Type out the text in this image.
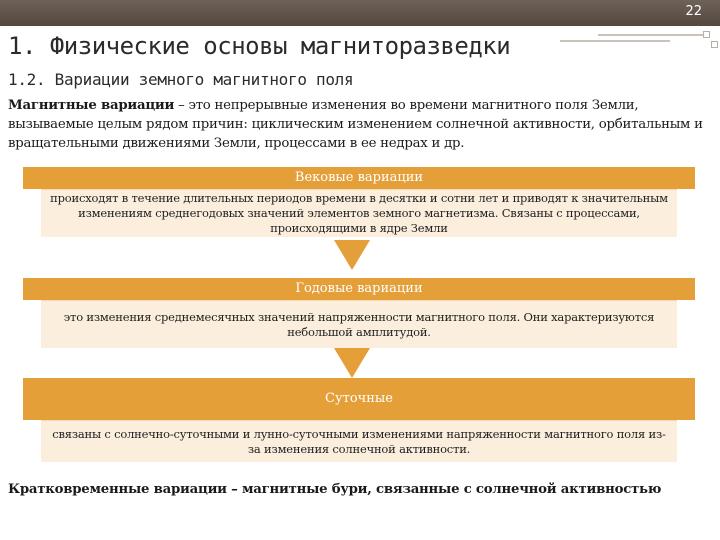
22
1. Физические основы магниторазведки
1.2. Вариации земного магнитного поля
Магнитные вариации – это непрерывные изменения во времени магнитного поля Земли, вызываемые целым рядом причин: циклическим изменением солнечной активности, орбитальным и вращательными движениями Земли, процессами в ее недрах и др.
Вековые вариации
происходят в течение длительных периодов времени в десятки и сотни лет и приводят к значительным изменениям среднегодовых значений элементов земного магнетизма. Связаны с процессами, происходящими в ядре Земли
Годовые вариации
это изменения среднемесячных значений напряженности магнитного поля. Они характеризуются небольшой амплитудой.
Суточные
связаны с солнечно-суточными и лунно-суточными изменениями напряженности магнитного поля из-за изменения солнечной активности.
Кратковременные вариации – магнитные бури, связанные с солнечной активностью
